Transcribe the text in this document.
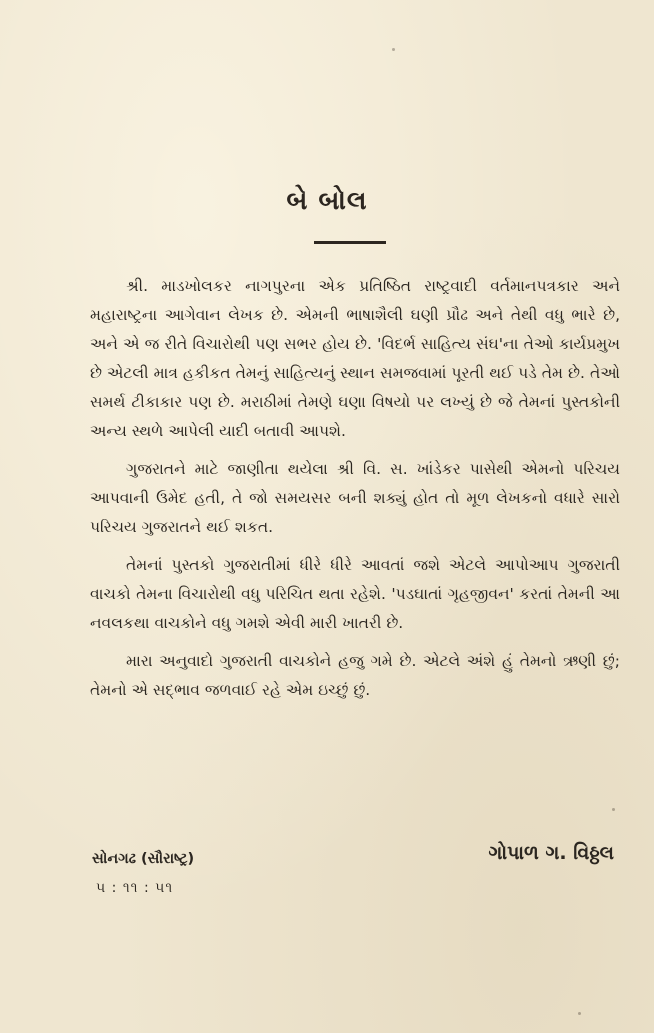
બે બોલ

શ્રી. માડખોલકર નાગપુરના એક પ્રતિષ્ઠિત રાષ્ટ્રવાદી વર્તમાનપત્રકાર અને મહારાષ્ટ્રના આગેવાન લેખક છે. એમની ભાષાશૈલી ઘણી પ્રૌઢ અને તેથી વધુ ભારે છે, અને એ જ રીતે વિચારોથી પણ સભર હોય છે. 'વિદર્ભ સાહિત્ય સંઘ'ના તેઓ કાર્યપ્રમુખ છે એટલી માત્ર હકીકત તેમનું સાહિત્યનું સ્થાન સમજવામાં પૂરતી થઈ પડે તેમ છે. તેઓ સમર્થ ટીકાકાર પણ છે. મરાઠીમાં તેમણે ઘણા વિષયો પર લખ્યું છે જે તેમનાં પુસ્તકોની અન્ય સ્થળે આપેલી યાદી બતાવી આપશે.

ગુજરાતને માટે જાણીતા થયેલા શ્રી વિ. સ. ખાંડેકર પાસેથી એમનો પરિચય આપવાની ઉમેદ હતી, તે જો સમયસર બની શક્યું હોત તો મૂળ લેખકનો વધારે સારો પરિચય ગુજરાતને થઈ શકત.

તેમનાં પુસ્તકો ગુજરાતીમાં ધીરે ધીરે આવતાં જશે એટલે આપોઆપ ગુજરાતી વાચકો તેમના વિચારોથી વધુ પરિચિત થતા રહેશે. 'પડઘાતાં ગૃહજીવન' કરતાં તેમની આ નવલકથા વાચકોને વધુ ગમશે એવી મારી ખાતરી છે.

મારા અનુવાદો ગુજરાતી વાચકોને હજુ ગમે છે. એટલે અંશે હું તેમનો ઋણી છું; તેમનો એ સદ્ભાવ જળવાઈ રહે એમ ઇચ્છું છું.

સોનગઢ (સૌરાષ્ટ્ર)
૫ : ૧૧ : ૫૧
ગોપાળ ગ. વિઠ્ઠલ
